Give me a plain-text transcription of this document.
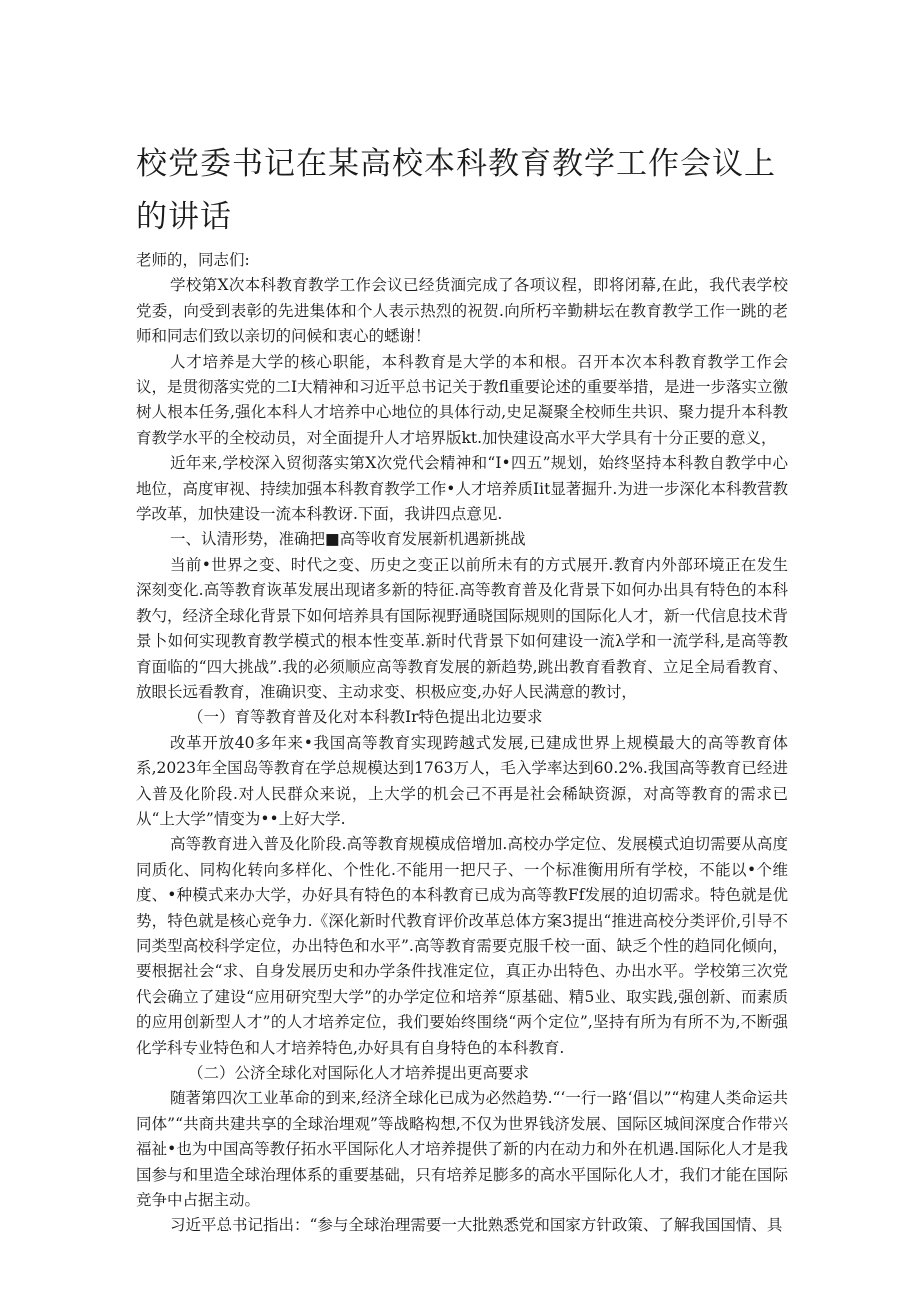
校党委书记在某高校本科教育教学工作会议上的讲话

老师的，同志们:

学校第X次本科教育教学工作会议已经货湎完成了各项议程，即将闭幕,在此，我代表学校党委，向受到表彰的先进集体和个人表示热烈的祝贺.向所朽辛勤耕坛在教育教学工作一跳的老师和同志们致以亲切的问候和衷心的蟋谢！

人才培养是大学的核心职能，本科教育是大学的本和根。召开本次本科教育教学工作会议，是贯彻落实党的二I大精神和习近平总书记关于教fl重要论述的重要举措，是进一步落实立徼树人根本任务,强化本科人才培养中心地位的具体行动,史足凝聚全校师生共识、聚力提升本科教育教学水平的全校动员，对全面提升人才培界版kt.加快建设高水平大学具有十分正要的意义，

近年来,学校深入贸彻落实第X次党代会精神和“I•四五”规划，始终坚持本科教自教学中心地位，高度审视、持续加强本科教育教学工作•人才培养质Iit显著掘升.为进一步深化本科教营教学改革，加快建设一流本科教讶.下面，我讲四点意见.

一、认清形势，准确把■高等收育发展新机遇新挑战

当前•世界之变、时代之变、历史之变正以前所未有的方式展开.教育内外部环境正在发生深刻变化.高等教育诙革发展出现诸多新的特征.高等教育普及化背景下如何办出具有特色的本科教勺，经济全球化背景下如何培养具有国际视野通晓国际规则的国际化人才，新一代信息技术背景卜如何实现教育教学模式的根本性变革.新时代背景下如何建设一流λ学和一流学科,是高等教育面临的“四大挑战”.我的必须顺应高等教育发展的新趋势,跳出教育看教育、立足全局看教育、放眼长远看教育，准确识变、主动求变、枳极应变,办好人民满意的教讨，

（一）育等教育普及化对本科教Ir特色提出北边要求

改革开放40多年来•我国高等教育实现跨越式发展,已建成世界上规模最大的高等教育体系,2023年全国岛等教育在学总规模达到1763万人，毛入学率达到60.2%.我国高等教育已经进入普及化阶段.对人民群众来说，上大学的机会己不再是社会稀缺资源，对高等教育的需求已从“上大学”情变为••上好大学.

高等教育进入普及化阶段.高等教育规模成倍增加.高校办学定位、发展模式迫切需要从高度同质化、同构化转向多样化、个性化.不能用一把尺子、一个标准衡用所有学校，不能以•个维度、•种模式来办大学，办好具有特色的本科教育已成为高等教Ff发展的迫切需求。特色就是优势，特色就是核心竞争力.《深化新时代教育评价改革总体方案3提出“推进高校分类评价,引导不同类型高校科学定位，办出特色和水平”.高等教育需要克服千校一面、缺乏个性的趋同化倾向，要根据社会“求、自身发展历史和办学条件找准定位，真正办出特色、办出水平。学校第三次党代会确立了建设“应用研究型大学”的办学定位和培养“原基础、精5业、取实践,强创新、而素质的应用创新型人才”的人才培养定位，我们要始终围绕“两个定位”,坚持有所为有所不为,不断强化学科专业特色和人才培养特色,办好具有自身特色的本科教育.

（二）公济全球化对国际化人才培养提出更高要求

随著第四次工业革命的到来,经济全球化已成为必然趋势.“‘一行一路‘倡以”“构建人类命运共同体”“共商共建共享的全球治埋观”等战略构想,不仅为世界钱济发展、国际区城间深度合作带兴福祉•也为中国高等教仔拓水平国际化人才培养提供了新的内在动力和外在机遇.国际化人才是我国参与和里造全球治理体系的重要基础，只有培养足膨多的高水平国际化人才，我们才能在国际竞争中占据主动。

习近平总书记指出：“参与全球治理需要一大批熟悉党和国家方针政策、了解我国国情、具
